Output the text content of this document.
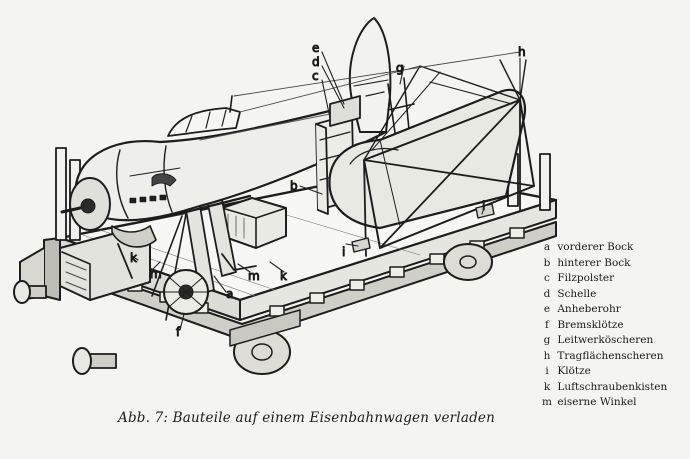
e
d
c
g
h
b
a
f
i
i
k
k
m	m
a vorderer Bock
b hinterer Bock
c Filzpolster
d Schelle
e Anheberohr
f Bremsklötze
g Leitwerköscheren
h Tragflächenscheren
i Klötze
k Luftschraubenkisten
m eiserne Winkel
Abb. 7: Bauteile auf einem Eisenbahnwagen verladen
